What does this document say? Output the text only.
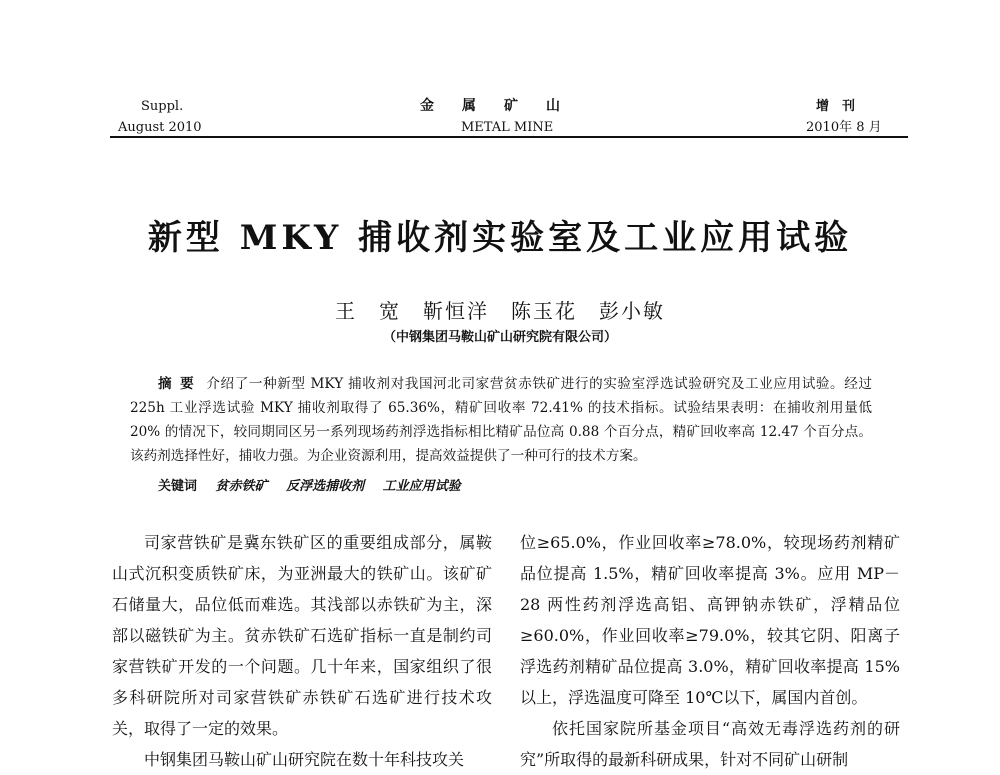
Suppl.
August 2010
金　　属　　矿　　山
METAL MINE
增　刊
2010年 8 月
新型 MKY 捕收剂实验室及工业应用试验
王　宽　靳恒洋　陈玉花　彭小敏
（中钢集团马鞍山矿山研究院有限公司）
摘要 介绍了一种新型 MKY 捕收剂对我国河北司家营贫赤铁矿进行的实验室浮选试验研究及工业应用试验。经过 225h 工业浮选试验 MKY 捕收剂取得了 65.36%，精矿回收率 72.41% 的技术指标。试验结果表明：在捕收剂用量低 20% 的情况下，较同期同区另一系列现场药剂浮选指标相比精矿品位高 0.88 个百分点，精矿回收率高 12.47 个百分点。该药剂选择性好，捕收力强。为企业资源利用，提高效益提供了一种可行的技术方案。
关键词 贫赤铁矿 反浮选捕收剂 工业应用试验

司家营铁矿是冀东铁矿区的重要组成部分，属鞍山式沉积变质铁矿床，为亚洲最大的铁矿山。该矿矿石储量大，品位低而难选。其浅部以赤铁矿为主，深部以磁铁矿为主。贫赤铁矿石选矿指标一直是制约司家营铁矿开发的一个问题。几十年来，国家组织了很多科研院所对司家营铁矿赤铁矿石选矿进行技术攻关，取得了一定的效果。

中钢集团马鞍山矿山研究院在数十年科技攻关

位≥65.0%，作业回收率≥78.0%，较现场药剂精矿品位提高 1.5%，精矿回收率提高 3%。应用 MP－28 两性药剂浮选高铝、高钾钠赤铁矿，浮精品位≥60.0%，作业回收率≥79.0%，较其它阴、阳离子浮选药剂精矿品位提高 3.0%，精矿回收率提高 15% 以上，浮选温度可降至 10℃以下，属国内首创。

依托国家院所基金项目“高效无毒浮选药剂的研究”所取得的最新科研成果，针对不同矿山研制
